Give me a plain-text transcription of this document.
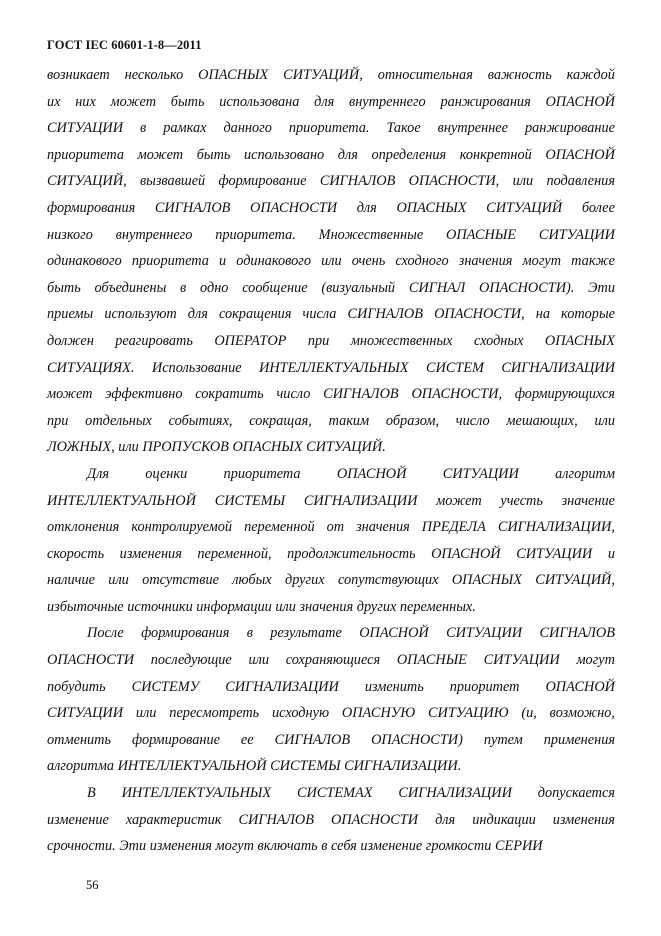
ГОСТ IEC 60601-1-8—2011

возникает несколько ОПАСНЫХ СИТУАЦИЙ, относительная важность каждой
их них может быть использована для внутреннего ранжирования ОПАСНОЙ
СИТУАЦИИ в рамках данного приоритета. Такое внутреннее ранжирование
приоритета может быть использовано для определения конкретной ОПАСНОЙ
СИТУАЦИЙ, вызвавшей формирование СИГНАЛОВ ОПАСНОСТИ, или подавления
формирования СИГНАЛОВ ОПАСНОСТИ для ОПАСНЫХ СИТУАЦИЙ более
низкого внутреннего приоритета. Множественные ОПАСНЫЕ СИТУАЦИИ
одинакового приоритета и одинакового или очень сходного значения могут также
быть объединены в одно сообщение (визуальный СИГНАЛ ОПАСНОСТИ). Эти
приемы используют для сокращения числа СИГНАЛОВ ОПАСНОСТИ, на которые
должен реагировать ОПЕРАТОР при множественных сходных ОПАСНЫХ
СИТУАЦИЯХ. Использование ИНТЕЛЛЕКТУАЛЬНЫХ СИСТЕМ СИГНАЛИЗАЦИИ
может эффективно сократить число СИГНАЛОВ ОПАСНОСТИ, формирующихся
при отдельных событиях, сокращая, таким образом, число мешающих, или
ЛОЖНЫХ, или ПРОПУСКОВ ОПАСНЫХ СИТУАЦИЙ.

Для	оценки	приоритета	ОПАСНОЙ	СИТУАЦИИ	алгоритм
ИНТЕЛЛЕКТУАЛЬНОЙ СИСТЕМЫ СИГНАЛИЗАЦИИ может учесть значение
отклонения контролируемой переменной от значения ПРЕДЕЛА СИГНАЛИЗАЦИИ,
скорость изменения переменной, продолжительность ОПАСНОЙ СИТУАЦИИ и
наличие или отсутствие любых других сопутствующих ОПАСНЫХ СИТУАЦИЙ,
избыточные источники информации или значения других переменных.

После формирования в результате ОПАСНОЙ СИТУАЦИИ СИГНАЛОВ
ОПАСНОСТИ последующие или сохраняющиеся ОПАСНЫЕ СИТУАЦИИ могут
побудить СИСТЕМУ СИГНАЛИЗАЦИИ изменить приоритет ОПАСНОЙ
СИТУАЦИИ или пересмотреть исходную ОПАСНУЮ СИТУАЦИЮ (и, возможно,
отменить формирование ее СИГНАЛОВ ОПАСНОСТИ) путем применения
алгоритма ИНТЕЛЛЕКТУАЛЬНОЙ СИСТЕМЫ СИГНАЛИЗАЦИИ.

В ИНТЕЛЛЕКТУАЛЬНЫХ СИСТЕМАХ СИГНАЛИЗАЦИИ допускается
изменение характеристик СИГНАЛОВ ОПАСНОСТИ для индикации изменения
срочности. Эти изменения могут включать в себя изменение громкости СЕРИИ

56
